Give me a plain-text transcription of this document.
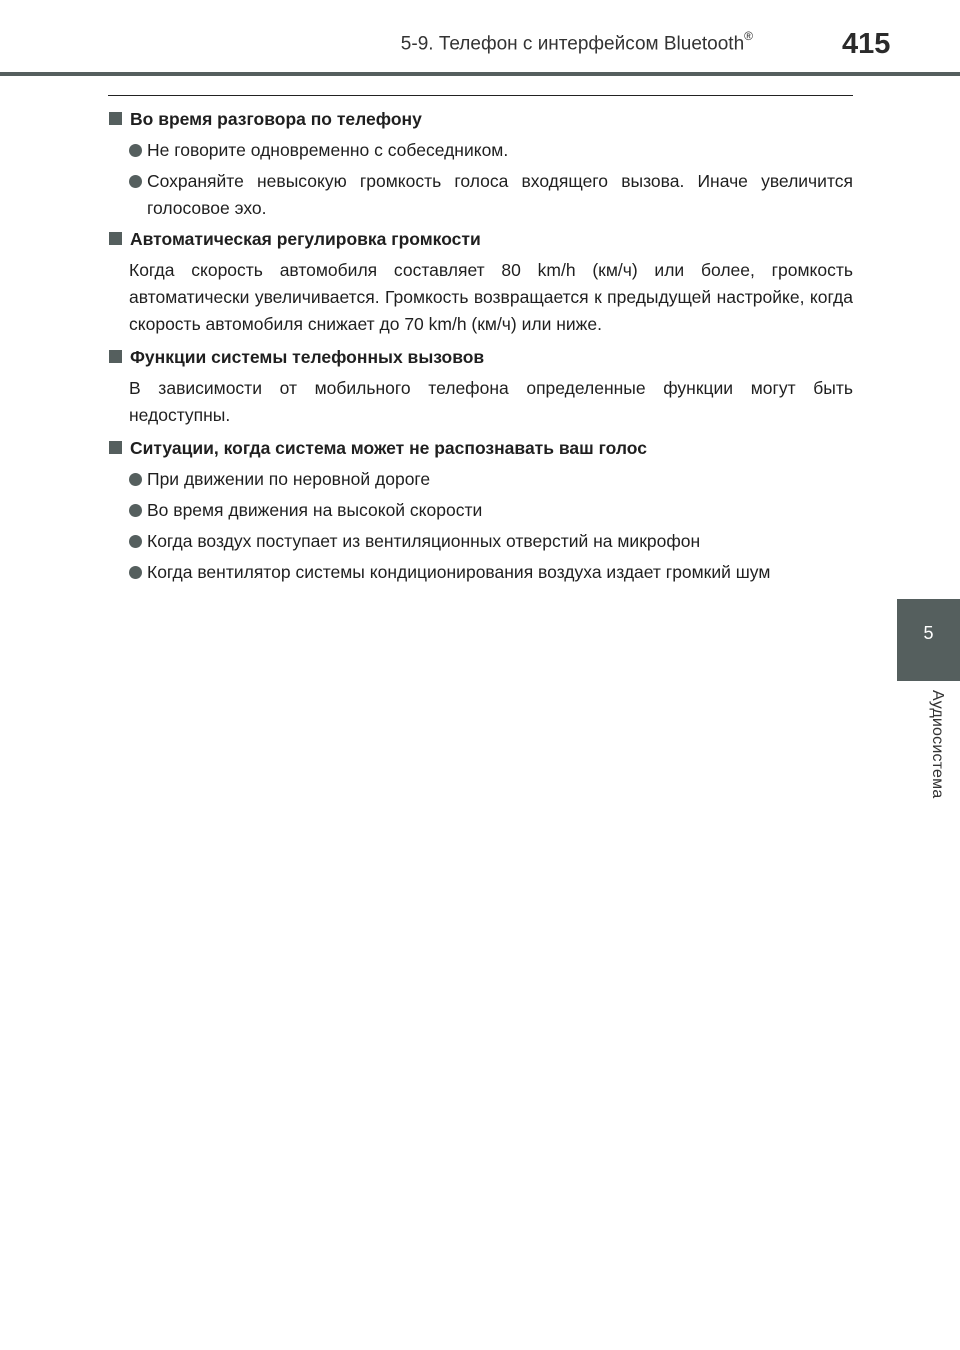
5-9. Телефон с интерфейсом Bluetooth®	415
5
Аудиосистема
Во время разговора по телефону
Не говорите одновременно с собеседником.
Сохраняйте невысокую громкость голоса входящего вызова. Иначе увеличится голосовое эхо.
Автоматическая регулировка громкости
Когда скорость автомобиля составляет 80 km/h (км/ч) или более, громкость автоматически увеличивается. Громкость возвращается к предыдущей настройке, когда скорость автомобиля снижает до 70 km/h (км/ч) или ниже.
Функции системы телефонных вызовов
В зависимости от мобильного телефона определенные функции могут быть недоступны.
Ситуации, когда система может не распознавать ваш голос
При движении по неровной дороге
Во время движения на высокой скорости
Когда воздух поступает из вентиляционных отверстий на микрофон
Когда вентилятор системы кондиционирования воздуха издает громкий шум
